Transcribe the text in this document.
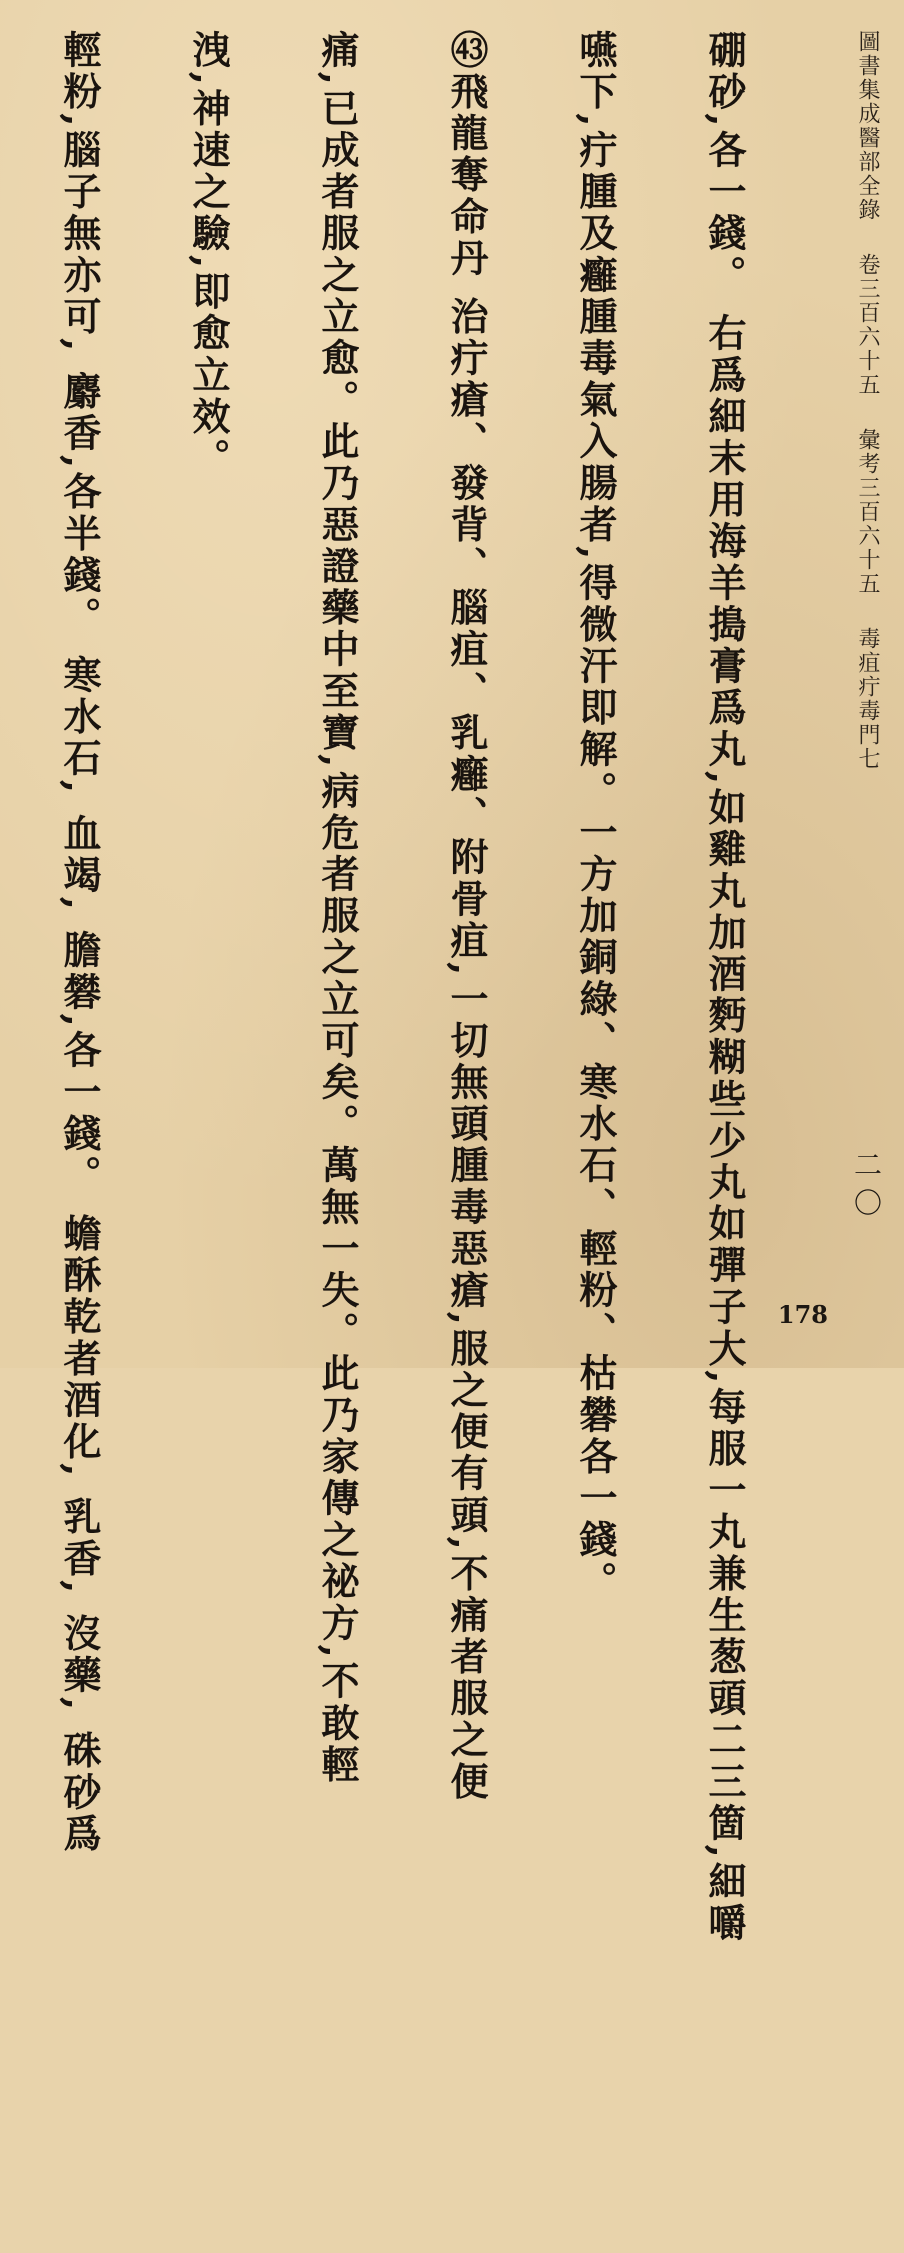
圖書集成醫部全錄 卷三百六十五 彙考三百六十五 毒疽疔毒門七
二〇
178

硼砂,各一錢。 右爲細末用海羊搗膏爲丸,如雞丸加酒麪糊些少丸如彈子大,每服一丸兼生葱頭二三箇,細嚼

嚥下,疔腫及癰腫毒氣入腸者,得微汗即解。一方加銅綠、寒水石、輕粉、枯礬各一錢。

㊸飛龍奪命丹 治疔瘡、發背、腦疽、乳癰、附骨疽,一切無頭腫毒惡瘡,服之便有頭,不痛者服之便

痛,已成者服之立愈。此乃惡證藥中至寶,病危者服之立可矣。萬無一失。此乃家傳之祕方,不敢輕

洩,神速之驗,即愈立效。

輕粉,腦子無亦可, 麝香,各半錢。 寒水石, 血竭, 膽礬,各一錢。 蟾酥乾者酒化, 乳香, 沒藥, 硃砂爲
